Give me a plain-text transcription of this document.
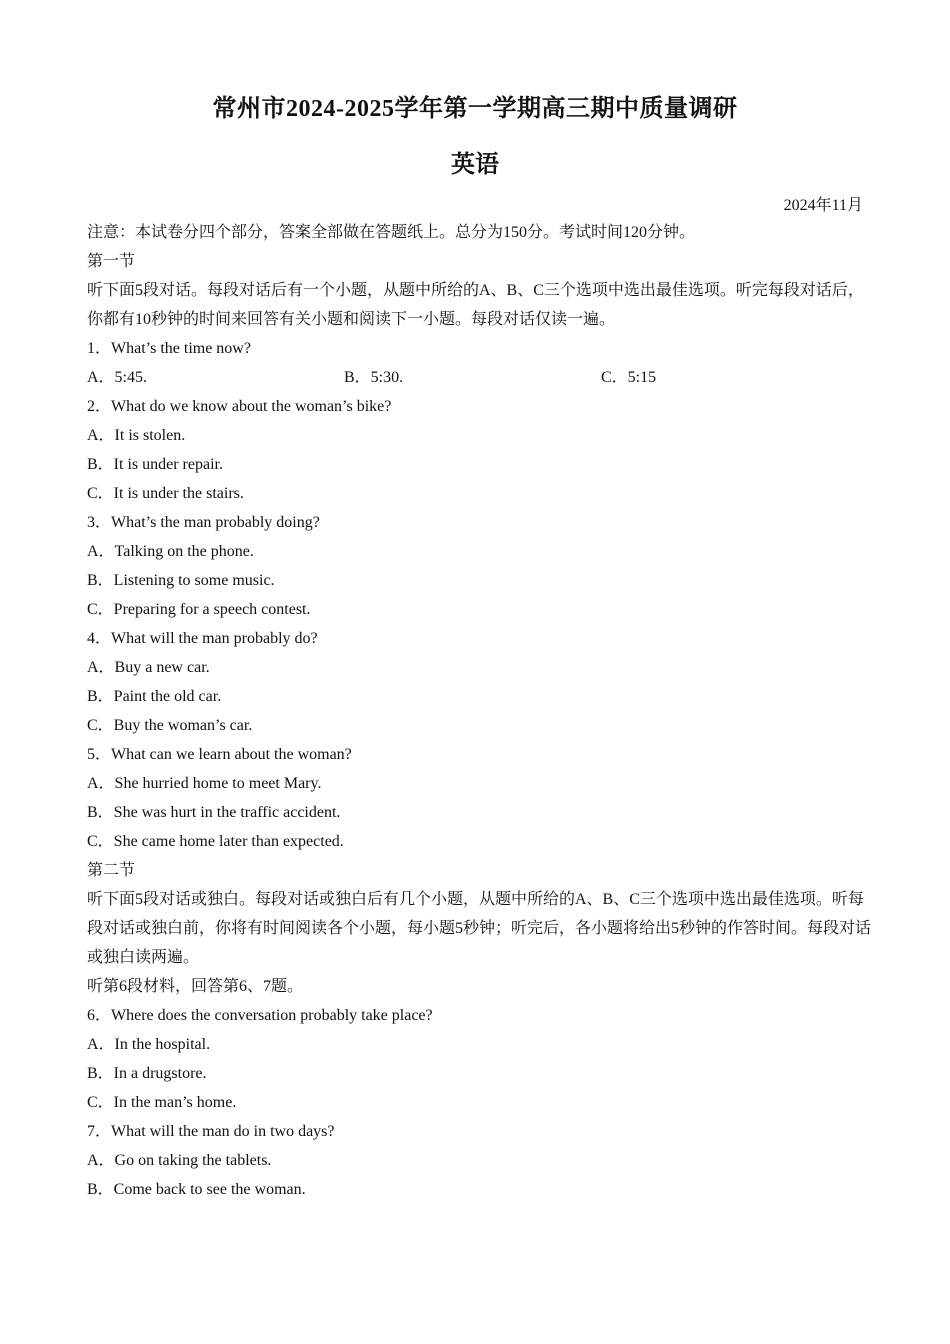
常州市2024-2025学年第一学期高三期中质量调研
英语
2024年11月
注意：本试卷分四个部分，答案全部做在答题纸上。总分为150分。考试时间120分钟。
第一节
听下面5段对话。每段对话后有一个小题，从题中所给的A、B、C三个选项中选出最佳选项。听完每段对话后，你都有10秒钟的时间来回答有关小题和阅读下一小题。每段对话仅读一遍。
1．What’s the time now?
A．5:45.	B．5:30.	C．5:15
2．What do we know about the woman’s bike?
A．It is stolen.
B．It is under repair.
C．It is under the stairs.
3．What’s the man probably doing?
A．Talking on the phone.
B．Listening to some music.
C．Preparing for a speech contest.
4．What will the man probably do?
A．Buy a new car.
B．Paint the old car.
C．Buy the woman’s car.
5．What can we learn about the woman?
A．She hurried home to meet Mary.
B．She was hurt in the traffic accident.
C．She came home later than expected.
第二节
听下面5段对话或独白。每段对话或独白后有几个小题，从题中所给的A、B、C三个选项中选出最佳选项。听每段对话或独白前，你将有时间阅读各个小题，每小题5秒钟；听完后，各小题将给出5秒钟的作答时间。每段对话或独白读两遍。
听第6段材料，回答第6、7题。
6．Where does the conversation probably take place?
A．In the hospital.
B．In a drugstore.
C．In the man’s home.
7．What will the man do in two days?
A．Go on taking the tablets.
B．Come back to see the woman.
